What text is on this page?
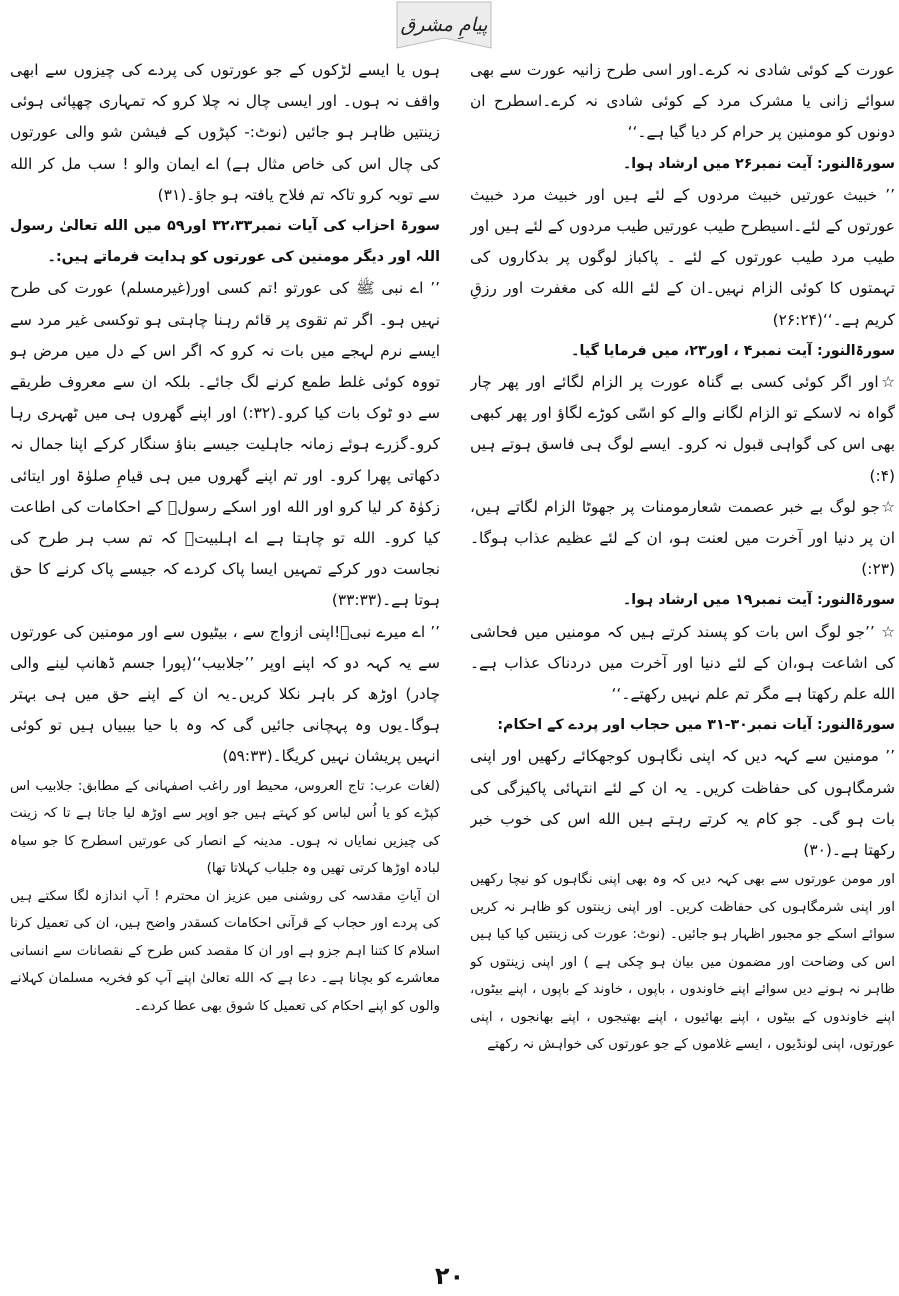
پیامِ مشرق

عورت کے کوئی شادی نہ کرے۔اور اسی طرح زانیہ عورت سے بھی سوائے زانی یا مشرک مرد کے کوئی شادی نہ کرے۔اسطرح ان دونوں کو مومنین پر حرام کر دیا گیا ہے۔‘‘

سورۃالنور: آیت نمبر۲۶ میں ارشاد ہوا۔

’’ خبیث عورتیں خبیث مردوں کے لئے ہیں اور خبیث مرد خبیث عورتوں کے لئے۔اسیطرح طیب عورتیں طیب مردوں کے لئے ہیں اور طیب مرد طیب عورتوں کے لئے ۔ پاکباز لوگوں پر بدکاروں کی تہمتوں کا کوئی الزام نہیں۔ان کے لئے الله کی مغفرت اور رزقِ کریم ہے۔‘‘(۲۶:۲۴)

سورۃالنور: آیت نمبر۴ ، اور۲۳، میں فرمایا گیا۔

☆اور اگر کوئی کسی بے گناہ عورت پر الزام لگائے اور پھر چار گواہ نہ لاسکے تو الزام لگانے والے کو اسّی کوڑے لگاؤ اور پھر کبھی بھی اس کی گواہی قبول نہ کرو۔ ایسے لوگ ہی فاسق ہوتے ہیں (۴:)

☆جو لوگ بے خبر عصمت شعارمومنات پر جھوٹا الزام لگاتے ہیں، ان پر دنیا اور آخرت میں لعنت ہو، ان کے لئے عظیم عذاب ہوگا۔(۲۳:)

سورۃالنور: آیت نمبر۱۹ میں ارشاد ہوا۔

☆ ’’جو لوگ اس بات کو پسند کرتے ہیں کہ مومنیں میں فحاشی کی اشاعت ہو،ان کے لئے دنیا اور آخرت میں دردناک عذاب ہے۔ الله علم رکھتا ہے مگر تم علم نہیں رکھتے۔‘‘

سورۃالنور: آیات نمبر۳۰-۳۱ میں حجاب اور پردے کے احکام:

’’ مومنین سے کہہ دیں کہ اپنی نگاہوں کوجھکائے رکھیں اور اپنی شرمگاہوں کی حفاظت کریں۔ یہ ان کے لئے انتہائی پاکیزگی کی بات ہو گی۔ جو کام یہ کرتے رہتے ہیں الله اس کی خوب خبر رکھتا ہے۔(۳۰)

اور مومن عورتوں سے بھی کہہ دیں کہ وہ بھی اپنی نگاہوں کو نیچا رکھیں اور اپنی شرمگاہوں کی حفاظت کریں۔ اور اپنی زینتوں کو ظاہر نہ کریں سوائے اسکے جو مجبور اظہار ہو جائیں۔ (نوٹ: عورت کی زینتیں کیا کیا ہیں اس کی وضاحت اور مضمون میں بیان ہو چکی ہے ) اور اپنی زینتوں کو ظاہر نہ ہونے دیں سوائے اپنے خاوندوں ، باپوں ، خاوند کے باپوں ، اپنے بیٹوں، اپنے خاوندوں کے بیٹوں ، اپنے بھائیوں ، اپنے بھتیجوں ، اپنے بھانجوں ، اپنی عورتوں، اپنی لونڈیوں ، ایسے غلاموں کے جو عورتوں کی خواہش نہ رکھتے

ہوں یا ایسے لڑکوں کے جو عورتوں کی پردے کی چیزوں سے ابھی واقف نہ ہوں۔ اور ایسی چال نہ چلا کرو کہ تمہاری چھپائی ہوئی زینتیں ظاہر ہو جائیں (نوٹ:- کپڑوں کے فیشن شو والی عورتوں کی چال اس کی خاص مثال ہے) اے ایمان والو ! سب مل کر الله سے توبہ کرو تاکہ تم فلاح یافتہ ہو جاؤ۔(۳۱)

سورۃ احزاب کی آیات نمبر۳۲،۳۳ اور۵۹ میں الله تعالیٰ رسول اللہ اور دیگر مومنین کی عورتوں کو ہدایت فرماتے ہیں:۔

’’ اے نبی ﷺ کی عورتو !تم کسی اور(غیرمسلم) عورت کی طرح نہیں ہو۔ اگر تم تقوی پر قائم رہنا چاہتی ہو توکسی غیر مرد سے ایسے نرم لہجے میں بات نہ کرو کہ اگر اس کے دل میں مرض ہو تووہ کوئی غلط طمع کرنے لگ جائے۔ بلکہ ان سے معروف طریقے سے دو ٹوک بات کیا کرو۔(۳۲:) اور اپنے گھروں ہی میں ٹھہری رہا کرو۔گزرے ہوئے زمانہ جاہلیت جیسے بناؤ سنگار کرکے اپنا جمال نہ دکھاتی پھرا کرو۔ اور تم اپنے گھروں میں ہی قیامِ صلوٰۃ اور ایتائی زکوٰۃ کر لیا کرو اور الله اور اسکے رسولؐ کے احکامات کی اطاعت کیا کرو۔ الله تو چاہتا ہے اے اہلبیتؑ کہ تم سب ہر طرح کی نجاست دور کرکے تمہیں ایسا پاک کردے کہ جیسے پاک کرنے کا حق ہوتا ہے۔(۳۳:۳۳)

’’ اے میرے نبیؐ!اپنی ازواج سے ، بیٹیوں سے اور مومنین کی عورتوں سے یہ کہہ دو کہ اپنے اوپر ’’جلابیب‘‘(پورا جسم ڈھانپ لینے والی چادر) اوڑھ کر باہر نکلا کریں۔یہ ان کے اپنے حق میں ہی بہتر ہوگا۔یوں وہ پہچانی جائیں گی کہ وہ با حیا بیبیاں ہیں تو کوئی انہیں پریشان نہیں کریگا۔(۵۹:۳۳)

(لغات عرب: تاج العروس، محیط اور راغب اصفہانی کے مطابق: جلابیب اس کپڑے کو یا اُس لباس کو کہتے ہیں جو اوپر سے اوڑھ لیا جاتا ہے تا کہ زینت کی چیزیں نمایاں نہ ہوں۔ مدینہ کے انصار کی عورتیں اسطرح کا جو سیاہ لبادہ اوڑھا کرتی تھیں وہ جلباب کہلاتا تھا)

ان آیاتِ مقدسہ کی روشنی میں عزیز ان محترم ! آپ اندازہ لگا سکتے ہیں کی پردے اور حجاب کے قرآنی احکامات کسقدر واضح ہیں، ان کی تعمیل کرنا اسلام کا کتنا اہم جزو ہے اور ان کا مقصد کس طرح کے نقصانات سے انسانی معاشرے کو بچانا ہے۔ دعا ہے کہ الله تعالیٰ اپنے آپ کو فخریہ مسلمان کہلانے والوں کو اپنے احکام کی تعمیل کا شوق بھی عطا کردے۔

۲۰
